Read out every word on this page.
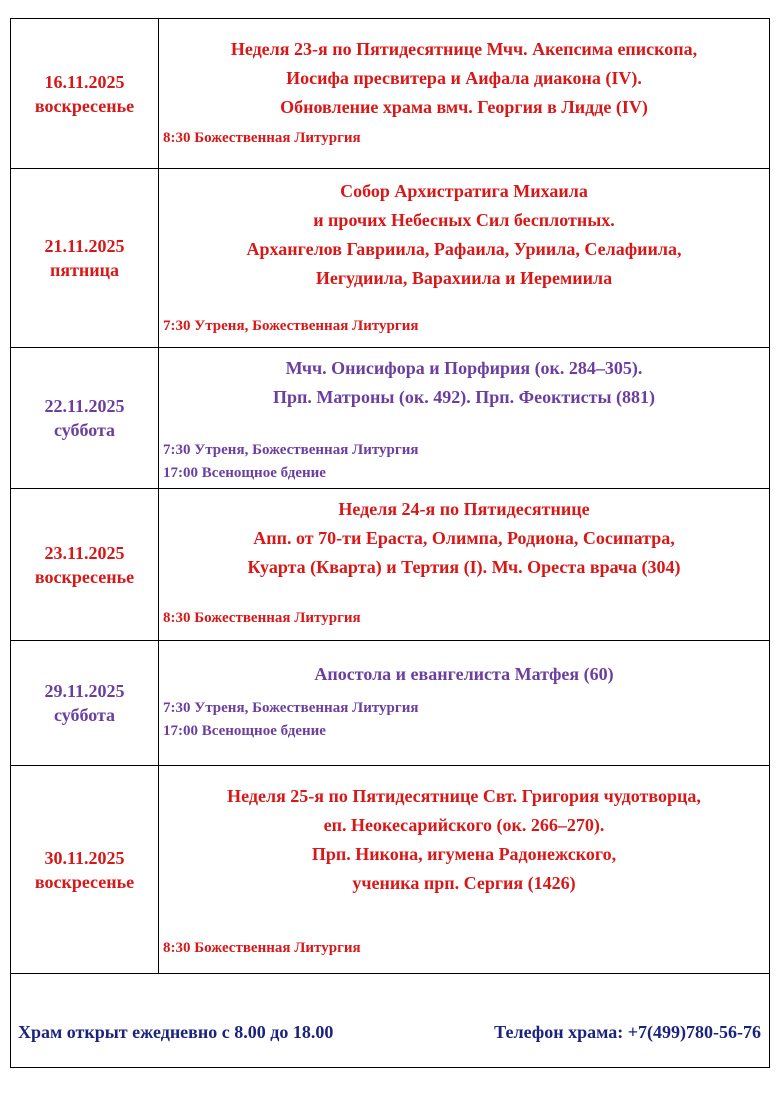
16.11.2025
воскресенье
Неделя 23-я по Пятидесятнице Мчч. Акепсима епископа,
Иосифа пресвитера и Аифала диакона (IV).
Обновление храма вмч. Георгия в Лидде (IV)
8:30 Божественная Литургия
21.11.2025
пятница
Собор Архистратига Михаила
и прочих Небесных Сил бесплотных.
Архангелов Гавриила, Рафаила, Уриила, Селафиила,
Иегудиила, Варахиила и Иеремиила
7:30 Утреня, Божественная Литургия
22.11.2025
суббота
Мчч. Онисифора и Порфирия (ок. 284–305).
Прп. Матроны (ок. 492). Прп. Феоктисты (881)
7:30 Утреня, Божественная Литургия
17:00 Всенощное бдение
23.11.2025
воскресенье
Неделя 24-я по Пятидесятнице
Апп. от 70-ти Ераста, Олимпа, Родиона, Сосипатра,
Куарта (Кварта) и Тертия (I). Мч. Ореста врача (304)
8:30 Божественная Литургия
29.11.2025
суббота
Апостола и евангелиста Матфея (60)
7:30 Утреня, Божественная Литургия
17:00 Всенощное бдение
30.11.2025
воскресенье
Неделя 25-я по Пятидесятнице Свт. Григория чудотворца,
еп. Неокесарийского (ок. 266–270).
Прп. Никона, игумена Радонежского,
ученика прп. Сергия (1426)
8:30 Божественная Литургия
Храм открыт ежедневно с 8.00 до 18.00	Телефон храма: +7(499)780-56-76
